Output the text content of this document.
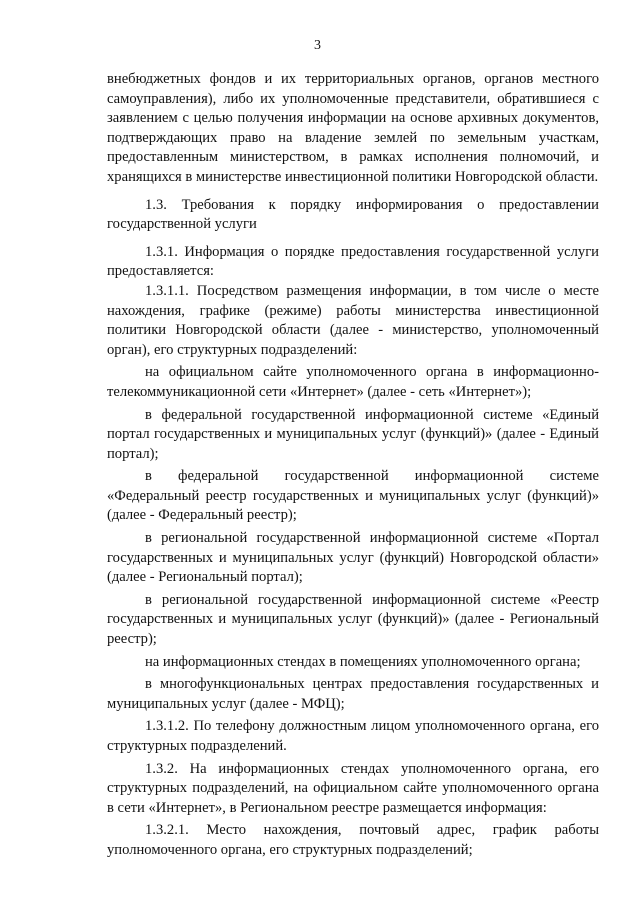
3

внебюджетных фондов и их территориальных органов, органов местного самоуправления), либо их уполномоченные представители, обратившиеся с заявлением с целью получения информации на основе архивных документов, подтверждающих право на владение землей по земельным участкам, предоставленным министерством, в рамках исполнения полномочий, и хранящихся в министерстве инвестиционной политики Новгородской области.

1.3. Требования к порядку информирования о предоставлении государственной услуги

1.3.1. Информация о порядке предоставления государственной услуги предоставляется:

1.3.1.1. Посредством размещения информации, в том числе о месте нахождения, графике (режиме) работы министерства инвестиционной политики Новгородской области (далее - министерство, уполномоченный орган), его структурных подразделений:

на официальном сайте уполномоченного органа в информационно-телекоммуникационной сети «Интернет» (далее - сеть «Интернет»);

в федеральной государственной информационной системе «Единый портал государственных и муниципальных услуг (функций)» (далее - Единый портал);

в федеральной государственной информационной системе «Федеральный реестр государственных и муниципальных услуг (функций)» (далее - Федеральный реестр);

в региональной государственной информационной системе «Портал государственных и муниципальных услуг (функций) Новгородской области» (далее - Региональный портал);

в региональной государственной информационной системе «Реестр государственных и муниципальных услуг (функций)» (далее - Региональный реестр);

на информационных стендах в помещениях уполномоченного органа;

в многофункциональных центрах предоставления государственных и муниципальных услуг (далее - МФЦ);

1.3.1.2. По телефону должностным лицом уполномоченного органа, его структурных подразделений.

1.3.2. На информационных стендах уполномоченного органа, его структурных подразделений, на официальном сайте уполномоченного органа в сети «Интернет», в Региональном реестре размещается информация:

1.3.2.1. Место нахождения, почтовый адрес, график работы уполномоченного органа, его структурных подразделений;
